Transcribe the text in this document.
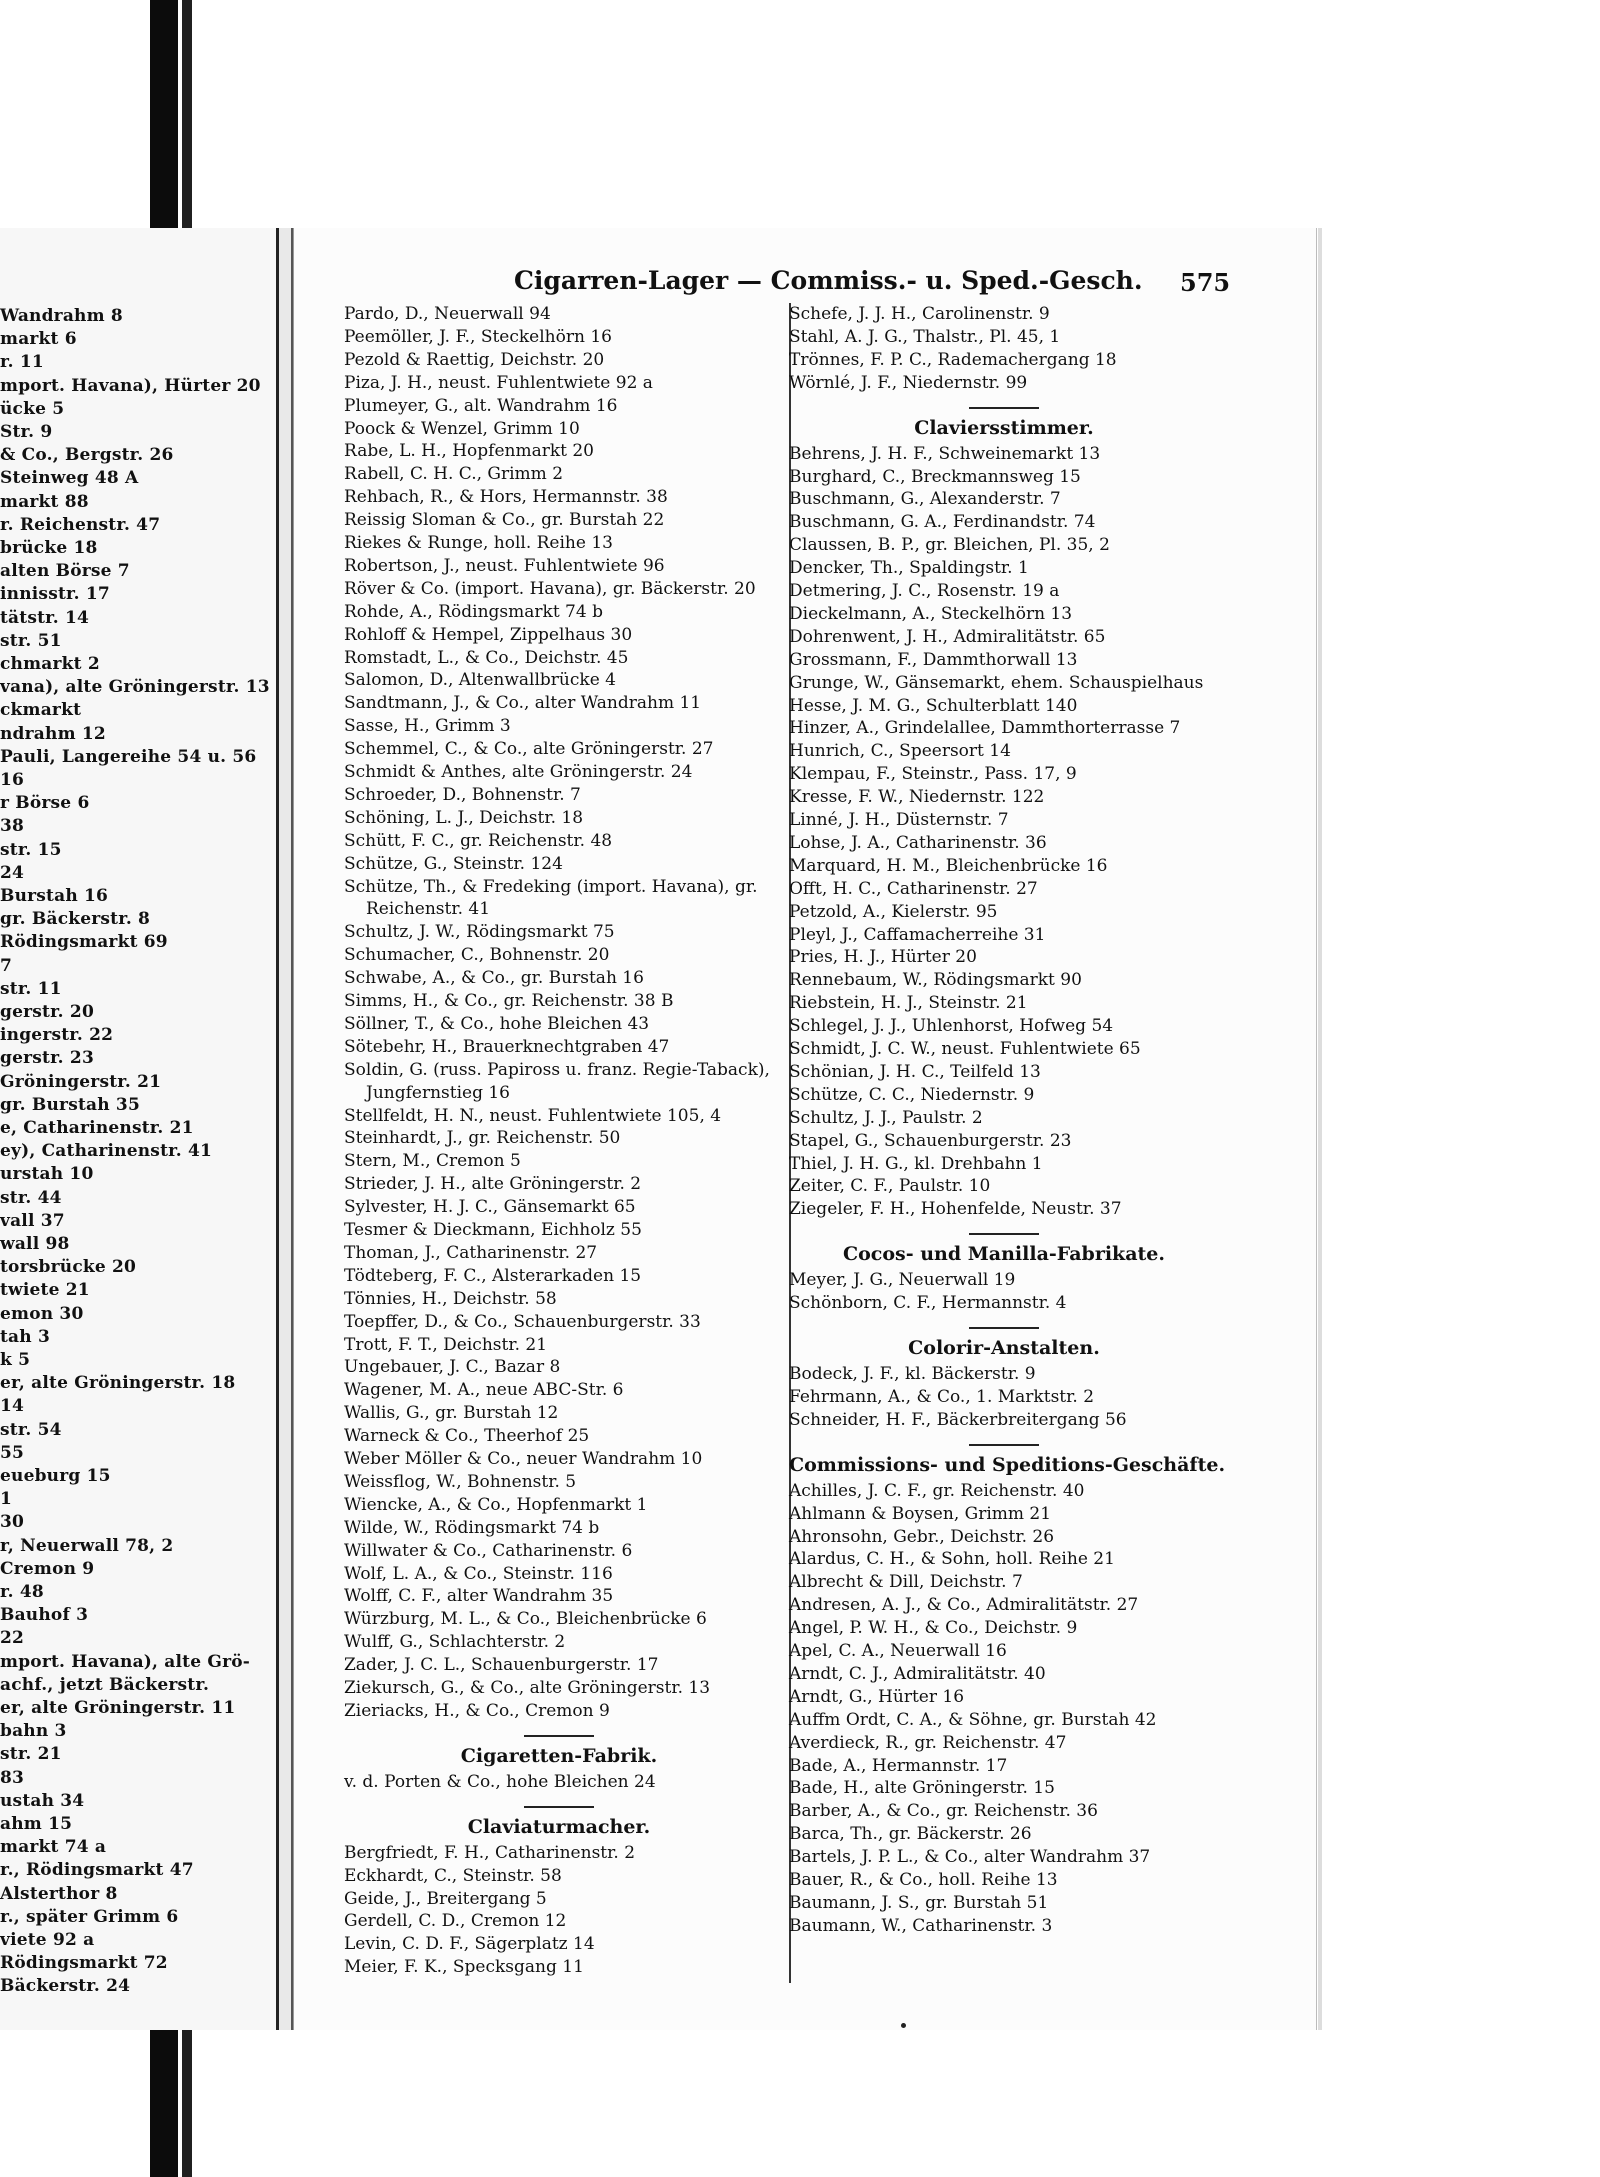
Wandrahm 8
markt 6
r. 11
mport. Havana), Hürter 20
ücke 5
Str. 9
& Co., Bergstr. 26
Steinweg 48 A
markt 88
r. Reichenstr. 47
brücke 18
alten Börse 7
innisstr. 17
tätstr. 14
str. 51
chmarkt 2
vana), alte Gröningerstr. 13
ckmarkt
ndrahm 12
Pauli, Langereihe 54 u. 56
16
r Börse 6
38
str. 15
24
Burstah 16
gr. Bäckerstr. 8
Rödingsmarkt 69
7
str. 11
gerstr. 20
ingerstr. 22
gerstr. 23
Gröningerstr. 21
gr. Burstah 35
e, Catharinenstr. 21
ey), Catharinenstr. 41
urstah 10
str. 44
vall 37
wall 98
torsbrücke 20
twiete 21
emon 30
tah 3
k 5
er, alte Gröningerstr. 18
14
str. 54
55
eueburg 15
1
30
r, Neuerwall 78, 2
Cremon 9
r. 48
Bauhof 3
22
mport. Havana), alte Grö-
achf., jetzt Bäckerstr.
er, alte Gröningerstr. 11
bahn 3
str. 21
83
ustah 34
ahm 15
markt 74 a
r., Rödingsmarkt 47
Alsterthor 8
r., später Grimm 6
viete 92 a
Rödingsmarkt 72
Bäckerstr. 24
Cigarren-Lager — Commiss.- u. Sped.-Gesch.	575
Pardo, D., Neuerwall 94
Peemöller, J. F., Steckelhörn 16
Pezold & Raettig, Deichstr. 20
Piza, J. H., neust. Fuhlentwiete 92 a
Plumeyer, G., alt. Wandrahm 16
Poock & Wenzel, Grimm 10
Rabe, L. H., Hopfenmarkt 20
Rabell, C. H. C., Grimm 2
Rehbach, R., & Hors, Hermannstr. 38
Reissig Sloman & Co., gr. Burstah 22
Riekes & Runge, holl. Reihe 13
Robertson, J., neust. Fuhlentwiete 96
Röver & Co. (import. Havana), gr. Bäckerstr. 20
Rohde, A., Rödingsmarkt 74 b
Rohloff & Hempel, Zippelhaus 30
Romstadt, L., & Co., Deichstr. 45
Salomon, D., Altenwallbrücke 4
Sandtmann, J., & Co., alter Wandrahm 11
Sasse, H., Grimm 3
Schemmel, C., & Co., alte Gröningerstr. 27
Schmidt & Anthes, alte Gröningerstr. 24
Schroeder, D., Bohnenstr. 7
Schöning, L. J., Deichstr. 18
Schütt, F. C., gr. Reichenstr. 48
Schütze, G., Steinstr. 124
Schütze, Th., & Fredeking (import. Havana), gr.
Reichenstr. 41
Schultz, J. W., Rödingsmarkt 75
Schumacher, C., Bohnenstr. 20
Schwabe, A., & Co., gr. Burstah 16
Simms, H., & Co., gr. Reichenstr. 38 B
Söllner, T., & Co., hohe Bleichen 43
Sötebehr, H., Brauerknechtgraben 47
Soldin, G. (russ. Papiross u. franz. Regie-Taback),
Jungfernstieg 16
Stellfeldt, H. N., neust. Fuhlentwiete 105, 4
Steinhardt, J., gr. Reichenstr. 50
Stern, M., Cremon 5
Strieder, J. H., alte Gröningerstr. 2
Sylvester, H. J. C., Gänsemarkt 65
Tesmer & Dieckmann, Eichholz 55
Thoman, J., Catharinenstr. 27
Tödteberg, F. C., Alsterarkaden 15
Tönnies, H., Deichstr. 58
Toepffer, D., & Co., Schauenburgerstr. 33
Trott, F. T., Deichstr. 21
Ungebauer, J. C., Bazar 8
Wagener, M. A., neue ABC-Str. 6
Wallis, G., gr. Burstah 12
Warneck & Co., Theerhof 25
Weber Möller & Co., neuer Wandrahm 10
Weissflog, W., Bohnenstr. 5
Wiencke, A., & Co., Hopfenmarkt 1
Wilde, W., Rödingsmarkt 74 b
Willwater & Co., Catharinenstr. 6
Wolf, L. A., & Co., Steinstr. 116
Wolff, C. F., alter Wandrahm 35
Würzburg, M. L., & Co., Bleichenbrücke 6
Wulff, G., Schlachterstr. 2
Zader, J. C. L., Schauenburgerstr. 17
Ziekursch, G., & Co., alte Gröningerstr. 13
Zieriacks, H., & Co., Cremon 9
Cigaretten-Fabrik.
v. d. Porten & Co., hohe Bleichen 24
Claviaturmacher.
Bergfriedt, F. H., Catharinenstr. 2
Eckhardt, C., Steinstr. 58
Geide, J., Breitergang 5
Gerdell, C. D., Cremon 12
Levin, C. D. F., Sägerplatz 14
Meier, F. K., Specksgang 11
Schefe, J. J. H., Carolinenstr. 9
Stahl, A. J. G., Thalstr., Pl. 45, 1
Trönnes, F. P. C., Rademachergang 18
Wörnlé, J. F., Niedernstr. 99
Claviersstimmer.
Behrens, J. H. F., Schweinemarkt 13
Burghard, C., Breckmannsweg 15
Buschmann, G., Alexanderstr. 7
Buschmann, G. A., Ferdinandstr. 74
Claussen, B. P., gr. Bleichen, Pl. 35, 2
Dencker, Th., Spaldingstr. 1
Detmering, J. C., Rosenstr. 19 a
Dieckelmann, A., Steckelhörn 13
Dohrenwent, J. H., Admiralitätstr. 65
Grossmann, F., Dammthorwall 13
Grunge, W., Gänsemarkt, ehem. Schauspielhaus
Hesse, J. M. G., Schulterblatt 140
Hinzer, A., Grindelallee, Dammthorterrasse 7
Hunrich, C., Speersort 14
Klempau, F., Steinstr., Pass. 17, 9
Kresse, F. W., Niedernstr. 122
Linné, J. H., Düsternstr. 7
Lohse, J. A., Catharinenstr. 36
Marquard, H. M., Bleichenbrücke 16
Offt, H. C., Catharinenstr. 27
Petzold, A., Kielerstr. 95
Pleyl, J., Caffamacherreihe 31
Pries, H. J., Hürter 20
Rennebaum, W., Rödingsmarkt 90
Riebstein, H. J., Steinstr. 21
Schlegel, J. J., Uhlenhorst, Hofweg 54
Schmidt, J. C. W., neust. Fuhlentwiete 65
Schönian, J. H. C., Teilfeld 13
Schütze, C. C., Niedernstr. 9
Schultz, J. J., Paulstr. 2
Stapel, G., Schauenburgerstr. 23
Thiel, J. H. G., kl. Drehbahn 1
Zeiter, C. F., Paulstr. 10
Ziegeler, F. H., Hohenfelde, Neustr. 37
Cocos- und Manilla-Fabrikate.
Meyer, J. G., Neuerwall 19
Schönborn, C. F., Hermannstr. 4
Colorir-Anstalten.
Bodeck, J. F., kl. Bäckerstr. 9
Fehrmann, A., & Co., 1. Marktstr. 2
Schneider, H. F., Bäckerbreitergang 56
Commissions- und Speditions-Geschäfte.
Achilles, J. C. F., gr. Reichenstr. 40
Ahlmann & Boysen, Grimm 21
Ahronsohn, Gebr., Deichstr. 26
Alardus, C. H., & Sohn, holl. Reihe 21
Albrecht & Dill, Deichstr. 7
Andresen, A. J., & Co., Admiralitätstr. 27
Angel, P. W. H., & Co., Deichstr. 9
Apel, C. A., Neuerwall 16
Arndt, C. J., Admiralitätstr. 40
Arndt, G., Hürter 16
Auffm Ordt, C. A., & Söhne, gr. Burstah 42
Averdieck, R., gr. Reichenstr. 47
Bade, A., Hermannstr. 17
Bade, H., alte Gröningerstr. 15
Barber, A., & Co., gr. Reichenstr. 36
Barca, Th., gr. Bäckerstr. 26
Bartels, J. P. L., & Co., alter Wandrahm 37
Bauer, R., & Co., holl. Reihe 13
Baumann, J. S., gr. Burstah 51
Baumann, W., Catharinenstr. 3
